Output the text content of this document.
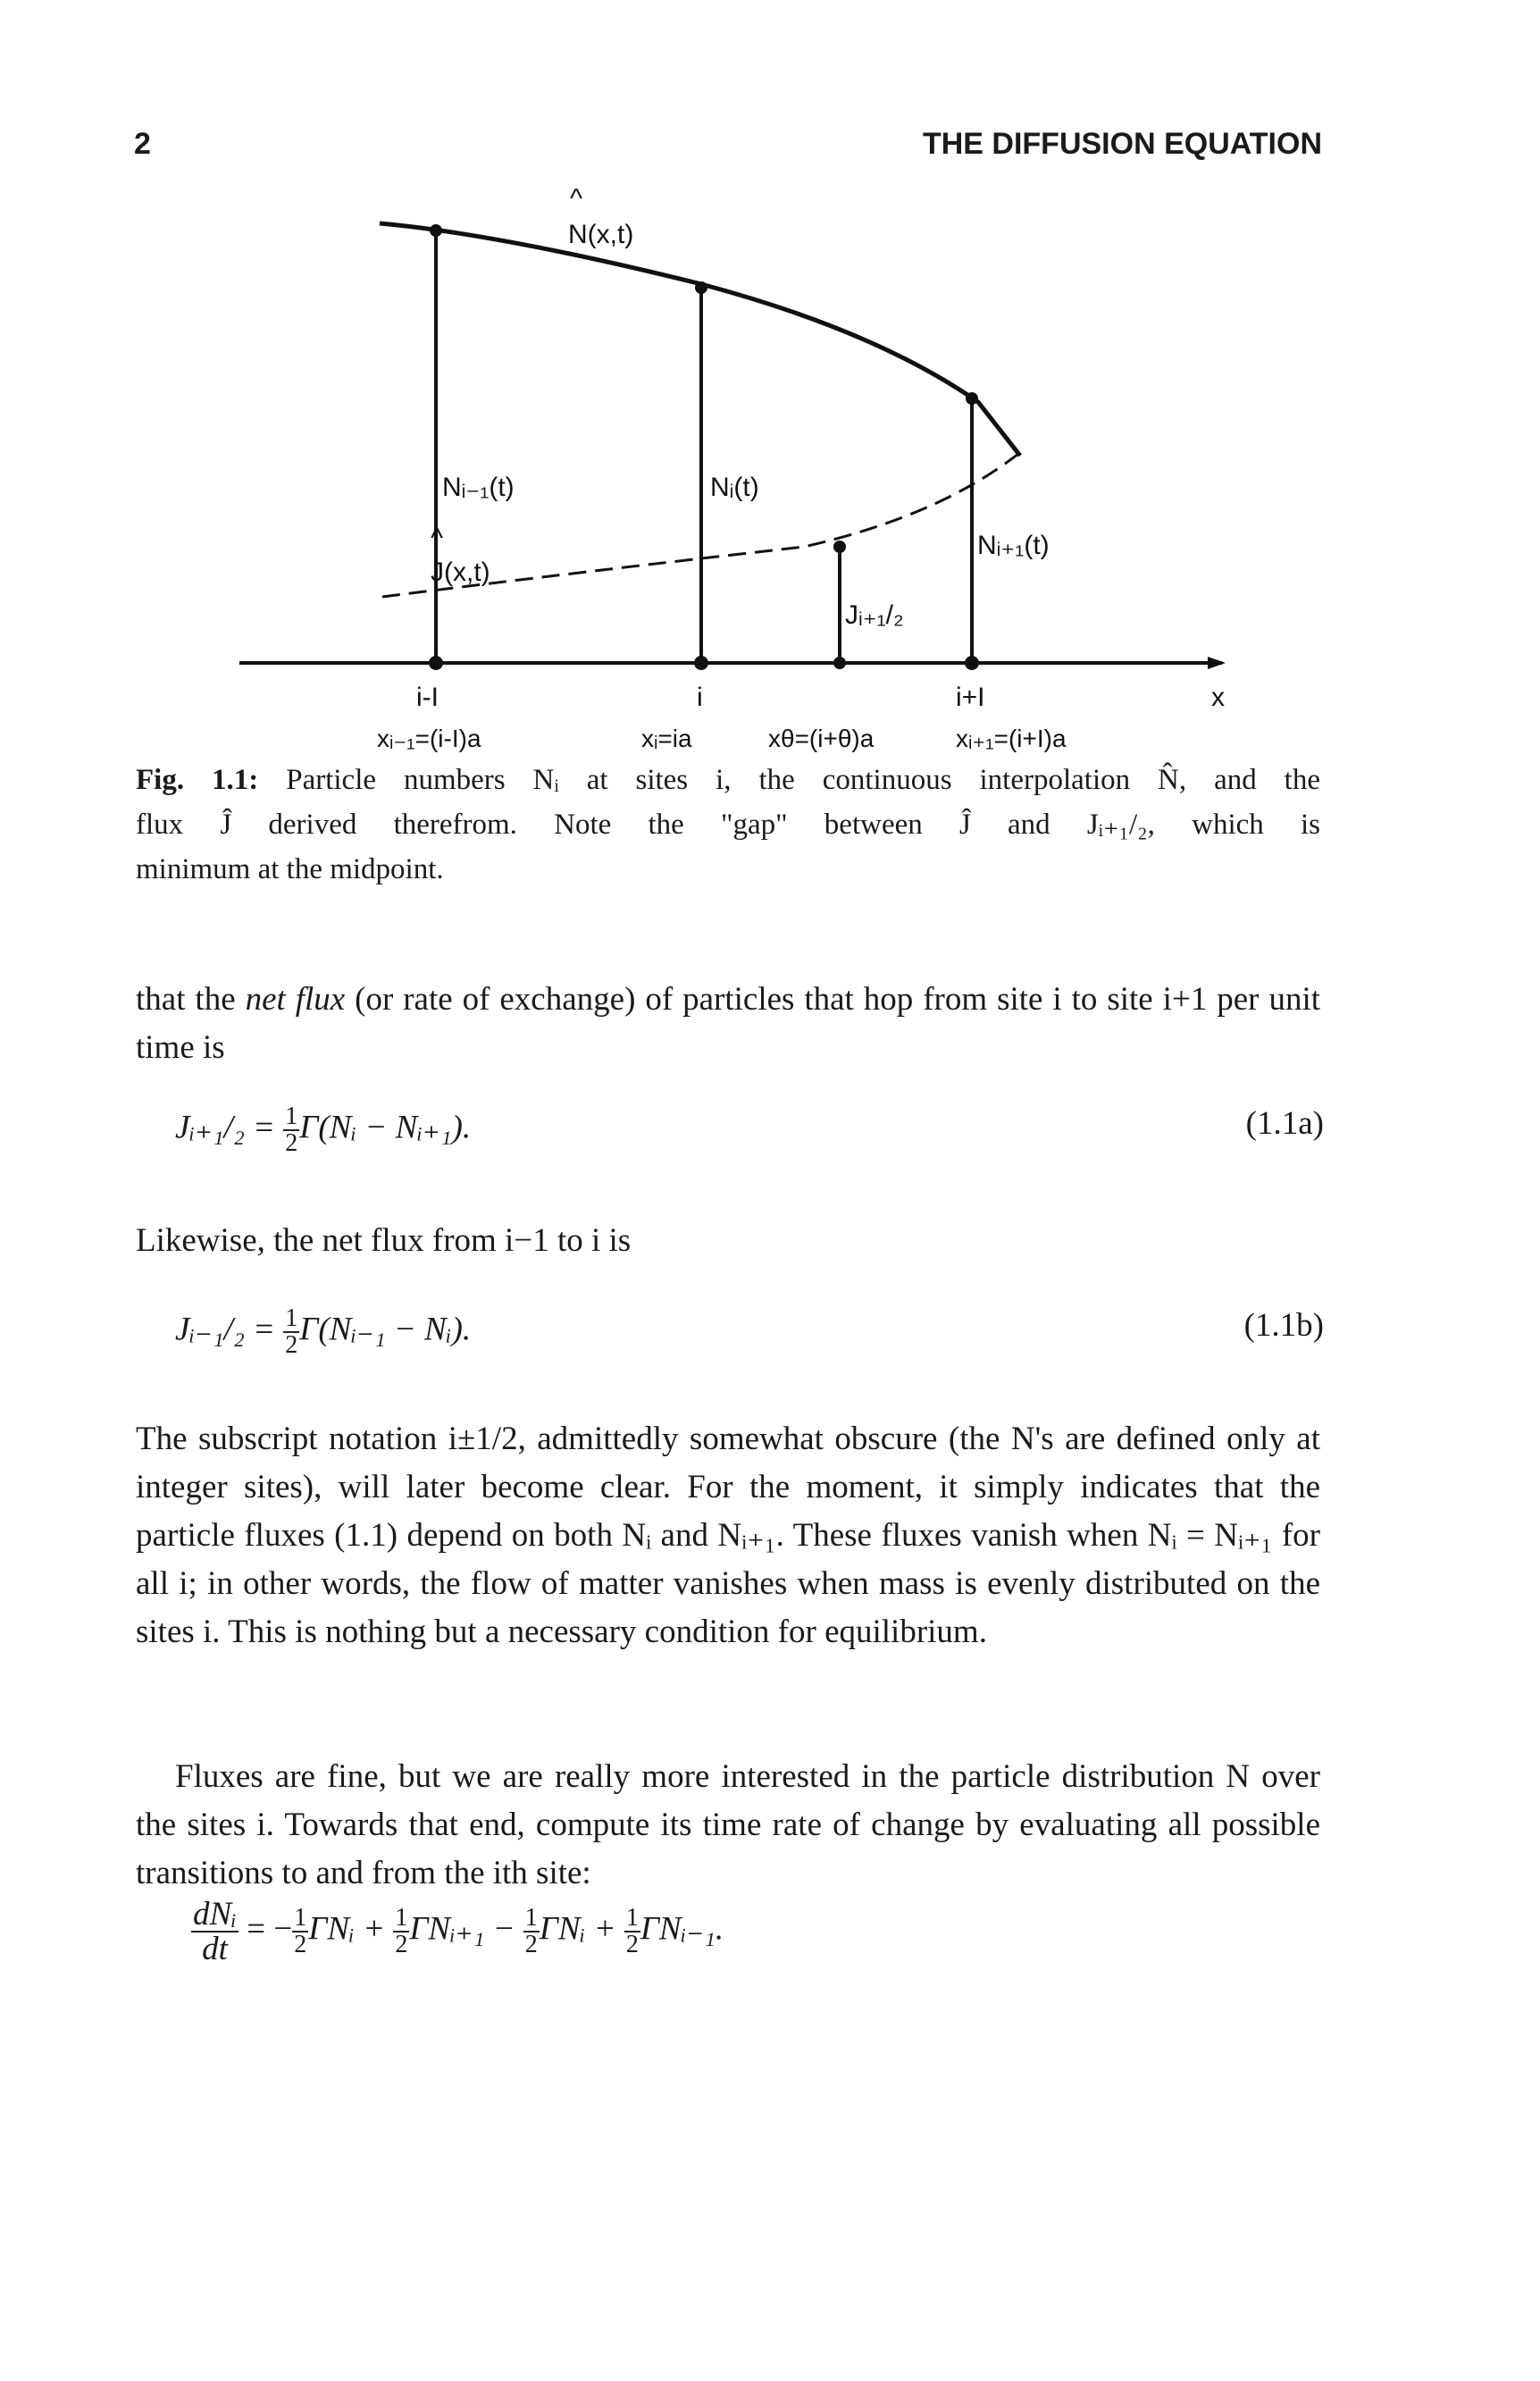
2	THE DIFFUSION EQUATION
^
^
N(x,t)
Nᵢ₋₁(t)	Nᵢ(t)
Nᵢ₊₁(t)
J(x,t)
Jᵢ₊₁/₂
i-I	i	i+I	x
xᵢ₋₁=(i-I)a	xᵢ=ia	xθ=(i+θ)a	xᵢ₊₁=(i+I)a
Fig. 1.1: Particle numbers Nᵢ at sites i, the continuous interpolation N̂, and the
flux Ĵ derived therefrom. Note the "gap" between Ĵ and Jᵢ₊₁/₂, which is
minimum at the midpoint.
that the net flux (or rate of exchange) of particles that hop from site i to site i+1 per unit time is
Jᵢ₊₁/₂ = $\frac{1}{2}$ Γ(Nᵢ − Nᵢ₊₁).	(1.1a)
Likewise, the net flux from i−1 to i is
Jᵢ₋₁/₂ = $\frac{1}{2}$ Γ(Nᵢ₋₁ − Nᵢ).	(1.1b)
The subscript notation i±1/2, admittedly somewhat obscure (the N's are defined only at integer sites), will later become clear. For the moment, it simply indicates that the particle fluxes (1.1) depend on both Nᵢ and Nᵢ₊₁. These fluxes vanish when Nᵢ = Nᵢ₊₁ for all i; in other words, the flow of matter vanishes when mass is evenly distributed on the sites i. This is nothing but a necessary condition for equilibrium.
Fluxes are fine, but we are really more interested in the particle distribution N over the sites i. Towards that end, compute its time rate of change by evaluating all possible transitions to and from the ith site:
$\frac{\text{dNᵢ}}{dt}$ = − $\frac{1}{2}$ ΓNᵢ + $\frac{1}{2}$ ΓNᵢ₊₁ − $\frac{1}{2}$ ΓNᵢ + $\frac{1}{2}$ ΓNᵢ₋₁.
